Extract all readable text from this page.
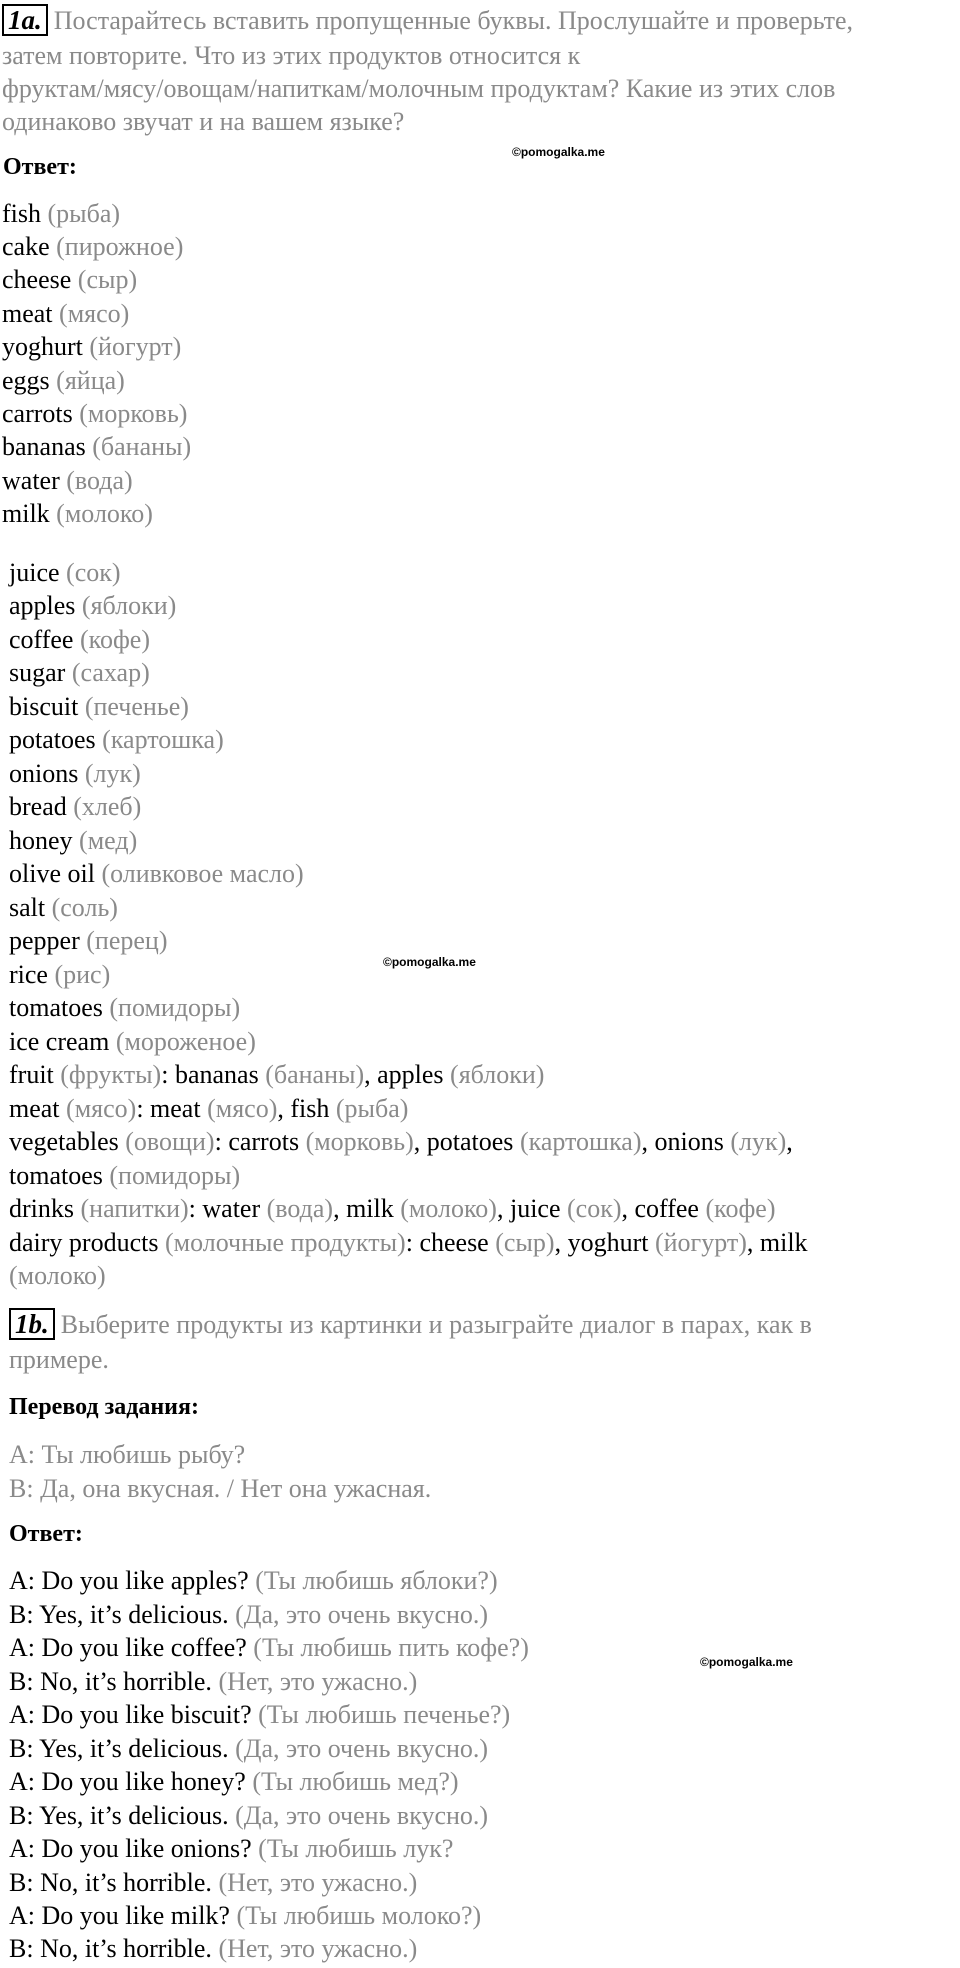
1a. Постарайтесь вставить пропущенные буквы. Прослушайте и проверьте,
затем повторите. Что из этих продуктов относится к
фруктам/мясу/овощам/напиткам/молочным продуктам? Какие из этих слов
одинаково звучат и на вашем языке?
Ответ:
©pomogalka.me
fish (рыба)
cake (пирожное)
cheese (сыр)
meat (мясо)
yoghurt (йогурт)
eggs (яйца)
carrots (морковь)
bananas (бананы)
water (вода)
milk (молоко)
juice (сок)
apples (яблоки)
coffee (кофе)
sugar (сахар)
biscuit (печенье)
potatoes (картошка)
onions (лук)
bread (хлеб)
honey (мед)
olive oil (оливковое масло)
salt (соль)
pepper (перец)
rice (рис)
tomatoes (помидоры)
ice cream (мороженое)
©pomogalka.me
fruit (фрукты): bananas (бананы), apples (яблоки)
meat (мясо): meat (мясо), fish (рыба)
vegetables (овощи): carrots (морковь), potatoes (картошка), onions (лук),
tomatoes (помидоры)
drinks (напитки): water (вода), milk (молоко), juice (сок), coffee (кофе)
dairy products (молочные продукты): cheese (сыр), yoghurt (йогурт), milk
(молоко)
1b. Выберите продукты из картинки и разыграйте диалог в парах, как в
примере.
Перевод задания:
A: Ты любишь рыбу?
B: Да, она вкусная. / Нет она ужасная.
Ответ:
A: Do you like apples? (Ты любишь яблоки?)
B: Yes, it’s delicious. (Да, это очень вкусно.)
A: Do you like coffee? (Ты любишь пить кофе?)
B: No, it’s horrible. (Нет, это ужасно.)
A: Do you like biscuit? (Ты любишь печенье?)
B: Yes, it’s delicious. (Да, это очень вкусно.)
A: Do you like honey? (Ты любишь мед?)
B: Yes, it’s delicious. (Да, это очень вкусно.)
A: Do you like onions? (Ты любишь лук?
B: No, it’s horrible. (Нет, это ужасно.)
A: Do you like milk? (Ты любишь молоко?)
B: No, it’s horrible. (Нет, это ужасно.)
©pomogalka.me
